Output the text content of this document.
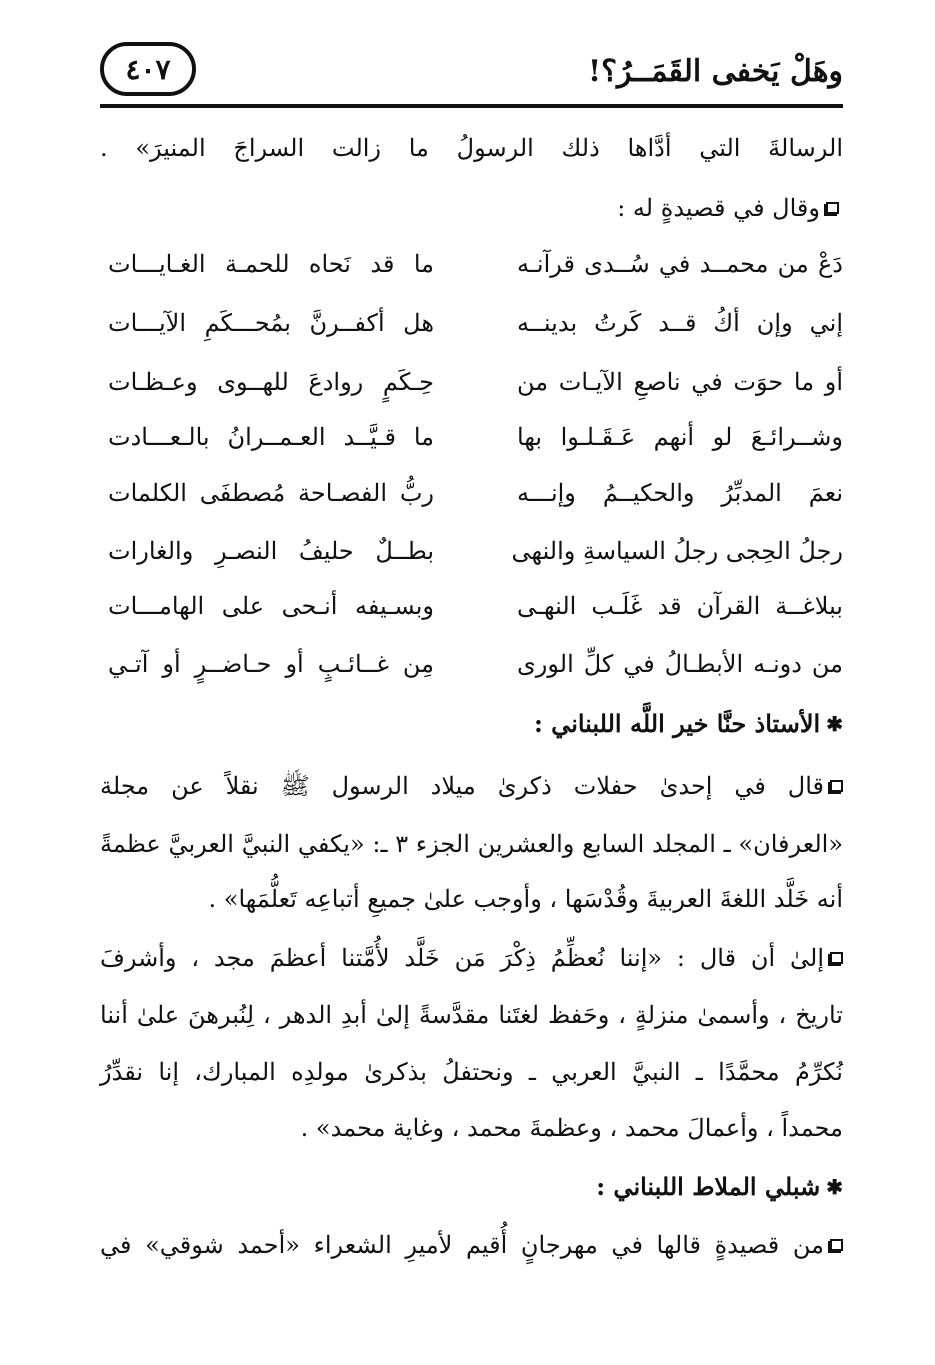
٤٠٧	وهَلْ يَخفى القَمَــرُ؟!
الرسالةَ التي أدَّاها ذلك الرسولُ ما زالت السراجَ المنيرَ» .
وقال في قصيدةٍ له :
دَعْ من محمــد في سُــدى قرآنـه
ما قد نَحاه للحمـة الغـايـــات
إني وإن أكُ قــد كَرتُ بدينــه
هل أكفــرنَّ بمُحـــكَمِ الآيـــات
أو ما حوَت في ناصعِ الآيـات من
حِـكَمٍ روادعَ للهــوى وعـظـات
وشــرائـعَ لو أنهم عَـقَـلـوا بها
ما قـيَّــد العـمــرانُ بالـعـــادت
نعمَ المدبِّرُ والحكيــمُ وإنـــه
ربُّ الفصـاحة مُصطفَى الكلمات
رجلُ الحِجى رجلُ السياسةِ والنهى
بطــلٌ حليفُ النصـرِ والغارات
ببلاغــة القرآن قد غَلَـب النهـى
وبسـيفه أنـحى على الهامـــات
من دونـه الأبطـالُ في كلِّ الورى
مِن غــائـبٍ أو حـاضــرٍ أو آتـي
✱الأستاذ حنَّا خير اللَّه اللبناني :
قال في إحدىٰ حفلات ذكرىٰ ميلاد الرسول ﷺ نقلاً عن مجلة
«العرفان» ـ المجلد السابع والعشرين الجزء ٣ ـ: «يكفي النبيَّ العربيَّ عظمةً
أنه خَلَّد اللغةَ العربيةَ وقُدْسَها ، وأوجب علىٰ جميعِ أتباعِه تَعلُّمَها» .
إلىٰ أن قال : «إننا نُعظِّمُ ذِكْرَ مَن خَلَّد لأُمَّتنا أعظمَ مجد ، وأشرفَ
تاريخ ، وأسمىٰ منزلةٍ ، وحَفظ لغتَنا مقدَّسةً إلىٰ أبدِ الدهر ، لِنُبرهنَ علىٰ أننا
نُكرِّمُ محمَّدًا ـ النبيَّ العربي ـ ونحتفلُ بذكرىٰ مولدِه المبارك، إنا نقدِّرُ
محمداً ، وأعمالَ محمد ، وعظمةَ محمد ، وغاية محمد» .
✱شبلي الملاط اللبناني :
من قصيدةٍ قالها في مهرجانٍ أُقيم لأميرِ الشعراء «أحمد شوقي» في
